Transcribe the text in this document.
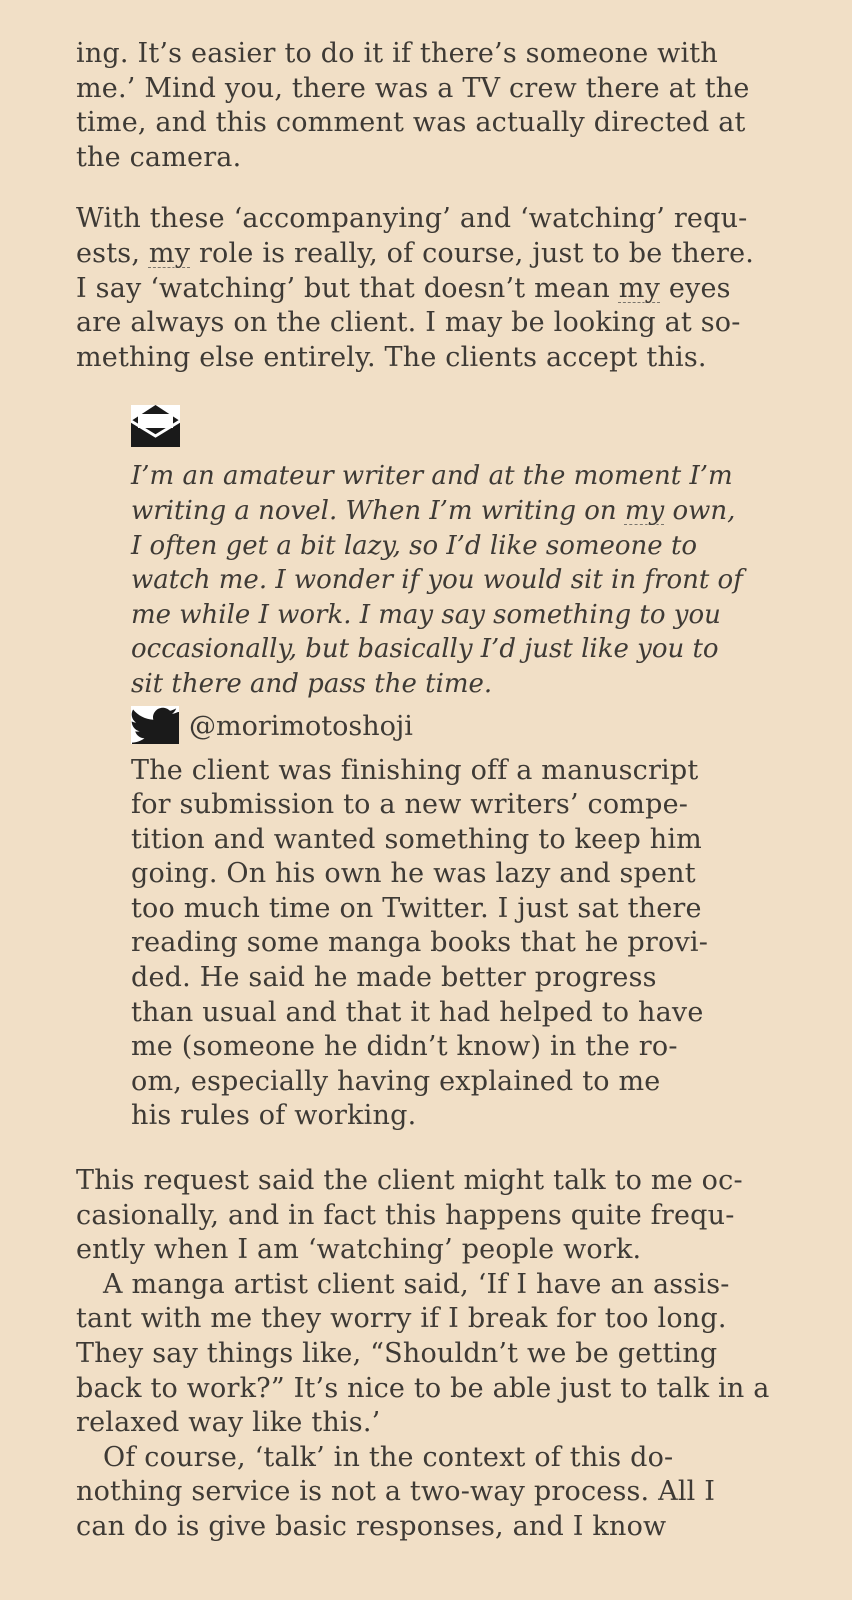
ing. It’s easier to do it if there’s someone with
me.’ Mind you, there was a TV crew there at the
time, and this comment was actually directed at
the camera.
With these ‘accompanying’ and ‘watching’ requ-
ests, my role is really, of course, just to be there.
I say ‘watching’ but that doesn’t mean my eyes
are always on the client. I may be looking at so-
mething else entirely. The clients accept this.
I’m an amateur writer and at the moment I’m
writing a novel. When I’m writing on my own,
I often get a bit lazy, so I’d like someone to
watch me. I wonder if you would sit in front of
me while I work. I may say something to you
occasionally, but basically I’d just like you to
sit there and pass the time.
@morimotoshoji
The client was finishing off a manuscript
for submission to a new writers’ compe-
tition and wanted something to keep him
going. On his own he was lazy and spent
too much time on Twitter. I just sat there
reading some manga books that he provi-
ded. He said he made better progress
than usual and that it had helped to have
me (someone he didn’t know) in the ro-
om, especially having explained to me
his rules of working.
This request said the client might talk to me oc-
casionally, and in fact this happens quite frequ-
ently when I am ‘watching’ people work.
A manga artist client said, ‘If I have an assis-
tant with me they worry if I break for too long.
They say things like, “Shouldn’t we be getting
back to work?” It’s nice to be able just to talk in a
relaxed way like this.’
Of course, ‘talk’ in the context of this do-
nothing service is not a two-way process. All I
can do is give basic responses, and I know
